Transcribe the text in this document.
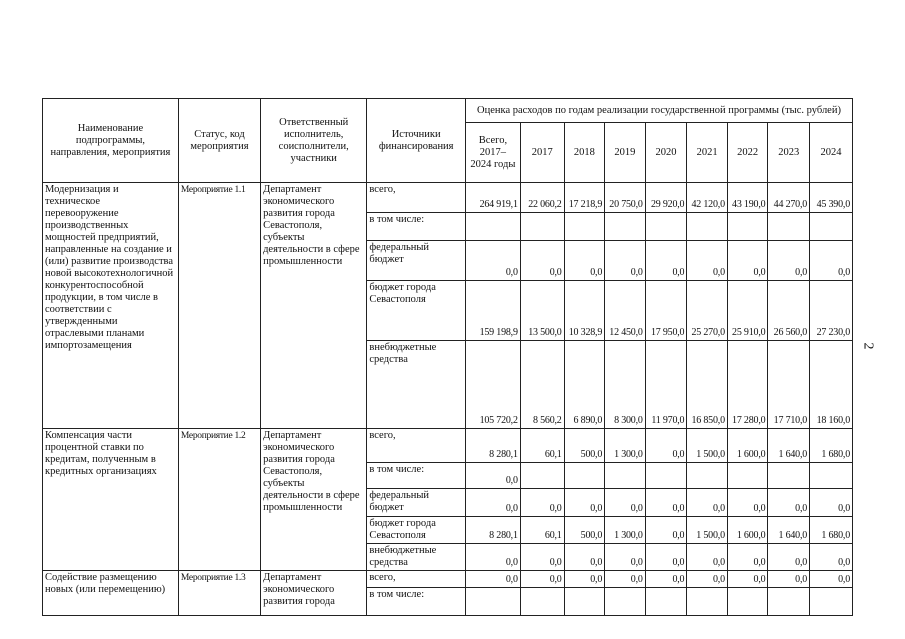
Наименование подпрограммы, направления, мероприятия	Статус, код мероприятия	Ответственный исполнитель, соисполнители, участники	Источники финансирования	Оценка расходов по годам реализации государственной программы (тыс. рублей)								
				Всего, 2017– 2024 годы	2017	2018	2019	2020	2021	2022	2023	2024
Модернизация и техническое перевооружение производственных мощностей предприятий, направленные на создание и (или) развитие производства новой высокотехнологичной конкурентоспособной продукции, в том числе в соответствии с утвержденными отраслевыми планами импортозамещения	Мероприятие 1.1	Департамент экономического развития города Севастополя, субъекты деятельности в сфере промышленности	всего,	264 919,1	22 060,2	17 218,9	20 750,0	29 920,0	42 120,0	43 190,0	44 270,0	45 390,0
			в том числе:									
			федеральный бюджет	0,0	0,0	0,0	0,0	0,0	0,0	0,0	0,0	0,0
			бюджет города Севастополя	159 198,9	13 500,0	10 328,9	12 450,0	17 950,0	25 270,0	25 910,0	26 560,0	27 230,0
			внебюджетные средства	105 720,2	8 560,2	6 890,0	8 300,0	11 970,0	16 850,0	17 280,0	17 710,0	18 160,0
Компенсация части процентной ставки по кредитам, полученным в кредитных организациях	Мероприятие 1.2	Департамент экономического развития города Севастополя, субъекты деятельности в сфере промышленности	всего,	8 280,1	60,1	500,0	1 300,0	0,0	1 500,0	1 600,0	1 640,0	1 680,0
			в том числе:	0,0								
			федеральный бюджет	0,0	0,0	0,0	0,0	0,0	0,0	0,0	0,0	0,0
			бюджет города Севастополя	8 280,1	60,1	500,0	1 300,0	0,0	1 500,0	1 600,0	1 640,0	1 680,0
			внебюджетные средства	0,0	0,0	0,0	0,0	0,0	0,0	0,0	0,0	0,0
Содействие размещению новых (или перемещению)	Мероприятие 1.3	Департамент экономического развития города	всего,	0,0	0,0	0,0	0,0	0,0	0,0	0,0	0,0	0,0
			в том числе:									
2
